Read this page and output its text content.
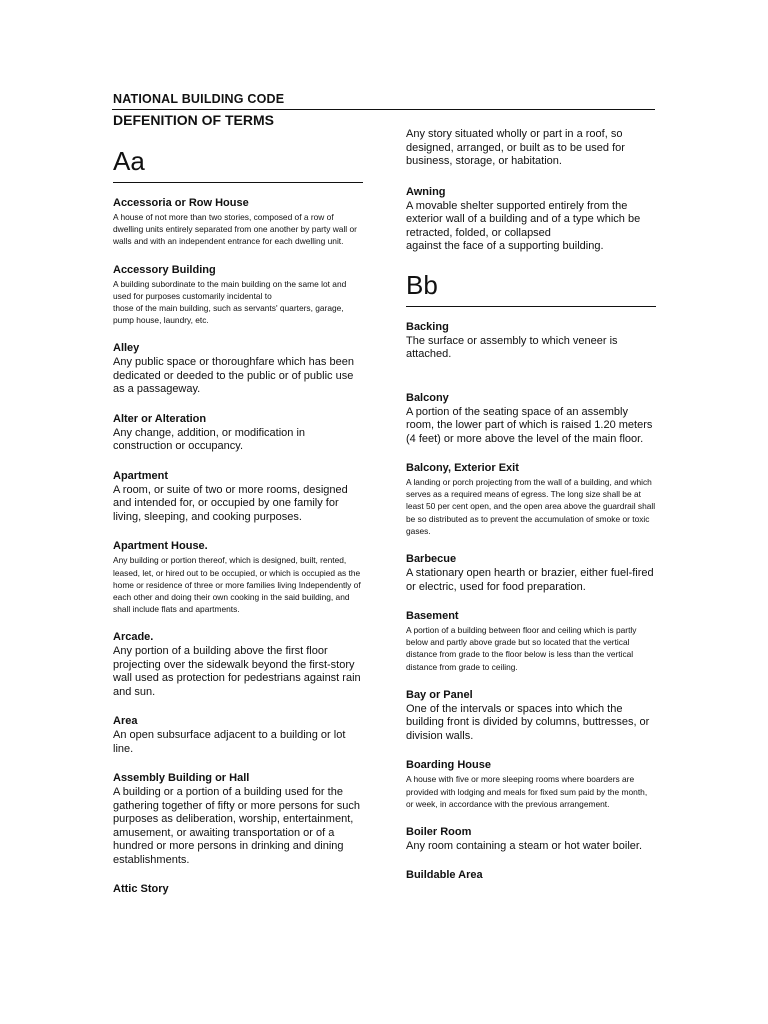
NATIONAL BUILDING CODE
DEFENITION OF TERMS
Aa
Accessoria or Row House
A house of not more than two stories, composed of a row of dwelling units entirely separated from one another by party wall or walls and with an independent entrance for each dwelling unit.
Accessory Building
A building subordinate to the main building on the same lot and used for purposes customarily incidental to
those of the main building, such as servants' quarters, garage, pump house, laundry, etc.
Alley
Any public space or thoroughfare which has been dedicated or deeded to the public or of public use as a passageway.
Alter or Alteration
Any change, addition, or modification in construction or occupancy.
Apartment
A room, or suite of two or more rooms, designed and intended for, or occupied by one family for living, sleeping, and cooking purposes.
Apartment House.
Any building or portion thereof, which is designed, built, rented, leased, let, or hired out to be occupied, or which is occupied as the home or residence of three or more families living Independently of each other and doing their own cooking in the said building, and shall include flats and apartments.
Arcade.
Any portion of a building above the first floor projecting over the sidewalk beyond the first-story wall used as protection for pedestrians against rain and sun.
Area
An open subsurface adjacent to a building or lot line.
Assembly Building or Hall
A building or a portion of a building used for the gathering together of fifty or more persons for such purposes as deliberation, worship, entertainment, amusement, or awaiting transportation or of a hundred or more persons in drinking and dining establishments.
Attic Story
Any story situated wholly or part in a roof, so designed, arranged, or built as to be used for business, storage, or habitation.
Awning
A movable shelter supported entirely from the exterior wall of a building and of a type which be retracted, folded, or collapsed
against the face of a supporting building.
Bb
Backing
The surface or assembly to which veneer is attached.
Balcony
A portion of the seating space of an assembly room, the lower part of which is raised 1.20 meters (4 feet) or more above the level of the main floor.
Balcony, Exterior Exit
A landing or porch projecting from the wall of a building, and which serves as a required means of egress. The long size shall be at least 50 per cent open, and the open area above the guardrail shall be so distributed as to prevent the accumulation of smoke or toxic gases.
Barbecue
A stationary open hearth or brazier, either fuel-fired or electric, used for food preparation.
Basement
A portion of a building between floor and ceiling which is partly below and partly above grade but so located that the vertical distance from grade to the floor below is less than the vertical distance from grade to ceiling.
Bay or Panel
One of the intervals or spaces into which the building front is divided by columns, buttresses, or division walls.
Boarding House
A house with five or more sleeping rooms where boarders are provided with lodging and meals for fixed sum paid by the month, or week, in accordance with the previous arrangement.
Boiler Room
Any room containing a steam or hot water boiler.
Buildable Area
